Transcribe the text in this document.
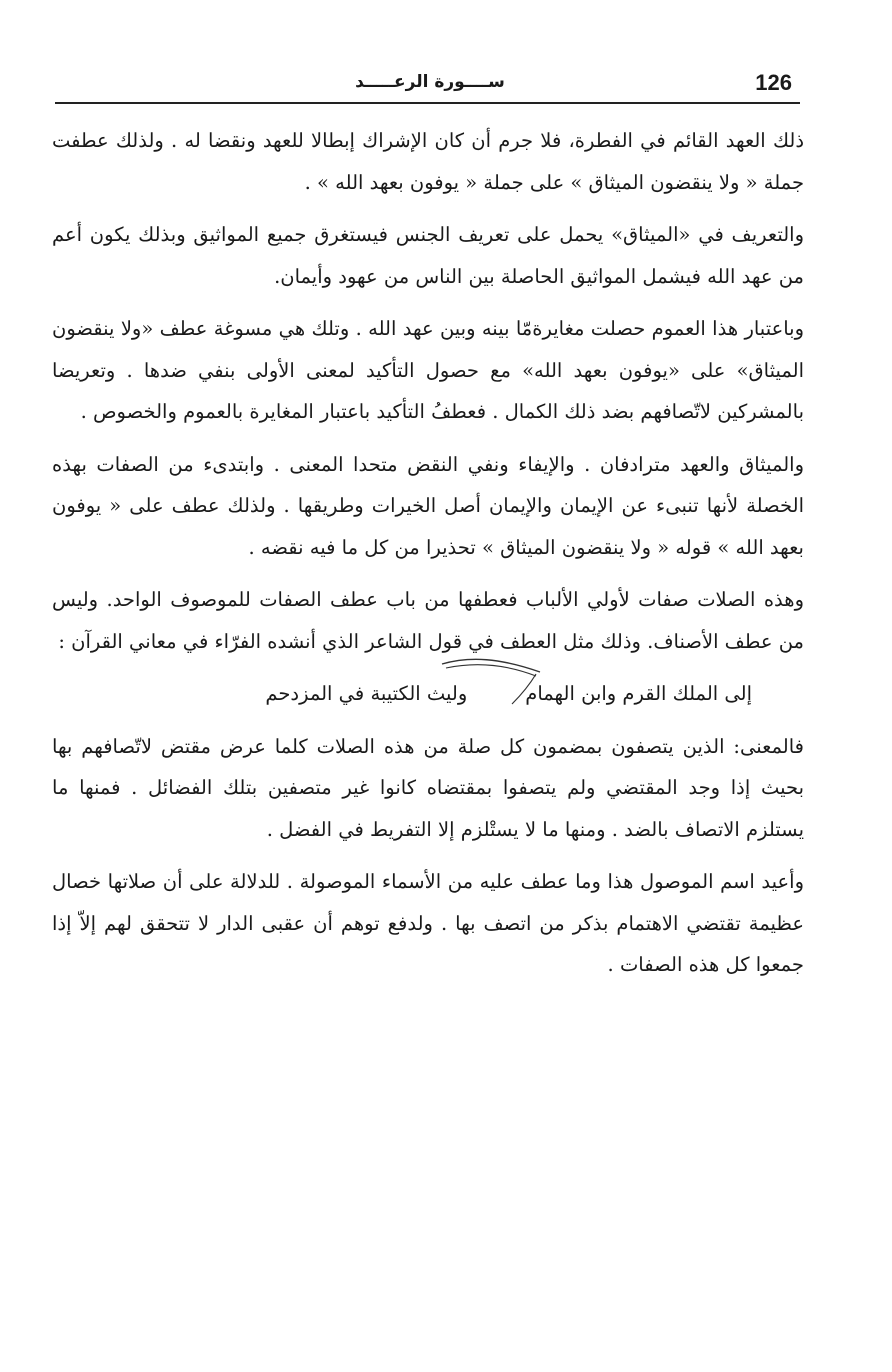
126
ســــورة الرعـــــد

ذلك العهد القائم في الفطرة، فلا جرم أن كان الإشراك إبطالا للعهد ونقضا له . ولذلك عطفت جملة « ولا ينقضون الميثاق » على جملة « يوفون بعهد الله » .

والتعريف في «الميثاق» يحمل على تعريف الجنس فيستغرق جميع المواثيق وبذلك يكون أعم من عهد الله فيشمل المواثيق الحاصلة بين الناس من عهود وأيمان.

وباعتبار هذا العموم حصلت مغايرةمّا بينه وبين عهد الله . وتلك هي مسوغة عطف «ولا ينقضون الميثاق» على «يوفون بعهد الله» مع حصول التأكيد لمعنى الأولى بنفي ضدها . وتعريضا بالمشركين لاتّصافهم بضد ذلك الكمال . فعطفُ التأكيد باعتبار المغايرة بالعموم والخصوص .

والميثاق والعهد مترادفان . والإيفاء ونفي النقض متحدا المعنى . وابتدىء من الصفات بهذه الخصلة لأنها تنبىء عن الإيمان والإيمان أصل الخيرات وطريقها . ولذلك عطف على « يوفون بعهد الله » قوله « ولا ينقضون الميثاق » تحذيرا من كل ما فيه نقضه .

وهذه الصلات صفات لأولي الألباب فعطفها من باب عطف الصفات للموصوف الواحد. وليس من عطف الأصناف. وذلك مثل العطف في قول الشاعر الذي أنشده الفرّاء في معاني القرآن :

إلى الملك القرم وابن الهمام
وليث الكتيبة في المزدحم

فالمعنى: الذين يتصفون بمضمون كل صلة من هذه الصلات كلما عرض مقتض لاتّصافهم بها بحيث إذا وجد المقتضي ولم يتصفوا بمقتضاه كانوا غير متصفين بتلك الفضائل . فمنها ما يستلزم الاتصاف بالضد . ومنها ما لا يستْلزم إلا التفريط في الفضل .

وأعيد اسم الموصول هذا وما عطف عليه من الأسماء الموصولة . للدلالة على أن صلاتها خصال عظيمة تقتضي الاهتمام بذكر من اتصف بها . ولدفع توهم أن عقبى الدار لا تتحقق لهم إلاّ إذا جمعوا كل هذه الصفات .
